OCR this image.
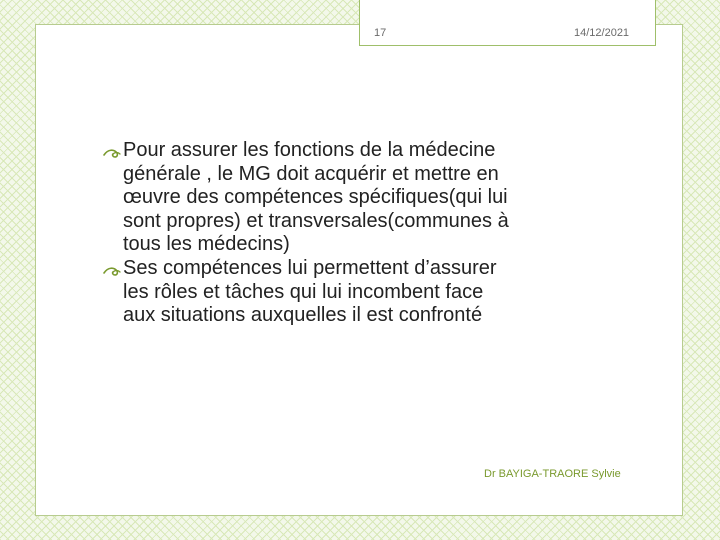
17	14/12/2021
Pour assurer les fonctions de la médecine générale , le MG doit acquérir et mettre en œuvre des compétences spécifiques(qui lui sont propres) et transversales(communes à tous les médecins)
Ses compétences lui permettent d’assurer les rôles et tâches qui lui incombent face aux situations auxquelles il est confronté
Dr BAYIGA-TRAORE Sylvie
